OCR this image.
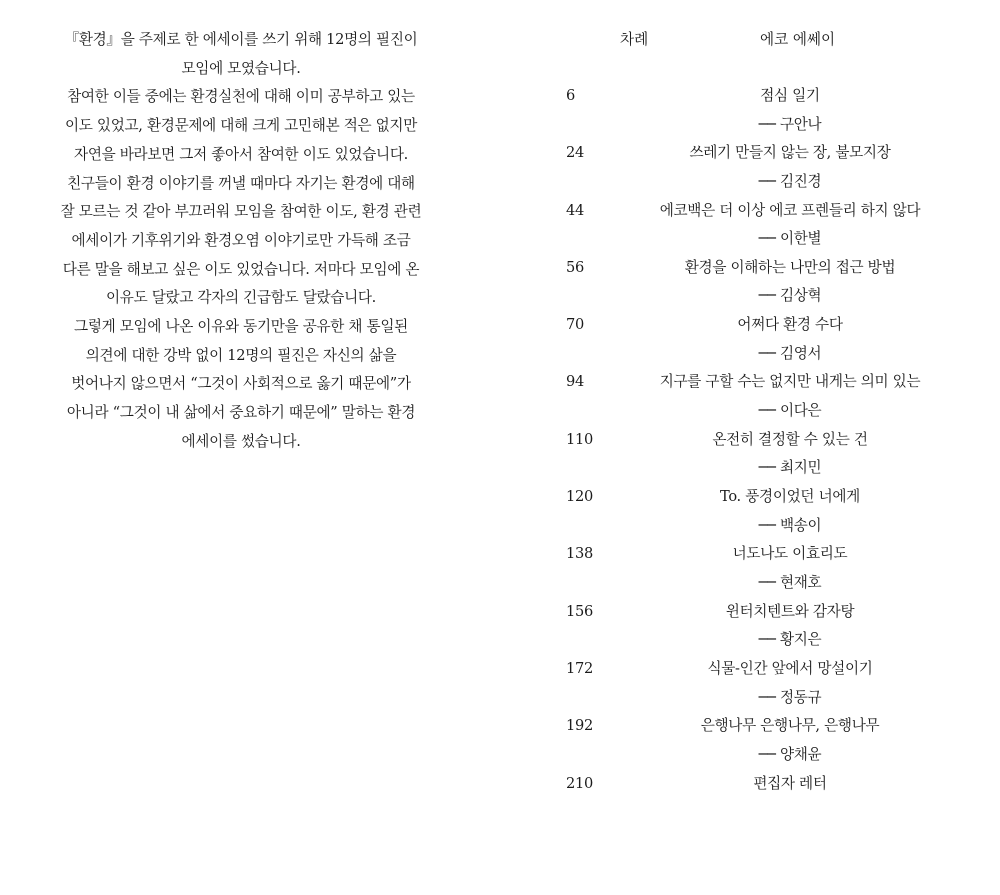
『환경』을 주제로 한 에세이를 쓰기 위해 12명의 필진이
모임에 모였습니다.
참여한 이들 중에는 환경실천에 대해 이미 공부하고 있는
이도 있었고, 환경문제에 대해 크게 고민해본 적은 없지만
자연을 바라보면 그저 좋아서 참여한 이도 있었습니다.
친구들이 환경 이야기를 꺼낼 때마다 자기는 환경에 대해
잘 모르는 것 같아 부끄러워 모임을 참여한 이도, 환경 관련
에세이가 기후위기와 환경오염 이야기로만 가득해 조금
다른 말을 해보고 싶은 이도 있었습니다. 저마다 모임에 온
이유도 달랐고 각자의 긴급함도 달랐습니다.
그렇게 모임에 나온 이유와 동기만을 공유한 채 통일된
의견에 대한 강박 없이 12명의 필진은 자신의 삶을
벗어나지 않으면서 “그것이 사회적으로 옳기 때문에”가
아니라 “그것이 내 삶에서 중요하기 때문에” 말하는 환경
에세이를 썼습니다.
차례	에코 에쎄이
6	점심 일기
── 구안나
24	쓰레기 만들지 않는 장, 불모지장
── 김진경
44	에코백은 더 이상 에코 프렌들리 하지 않다
── 이한별
56	환경을 이해하는 나만의 접근 방법
── 김상혁
70	어쩌다 환경 수다
── 김영서
94	지구를 구할 수는 없지만 내게는 의미 있는
── 이다은
110	온전히 결정할 수 있는 건
── 최지민
120	To. 풍경이었던 너에게
── 백송이
138	너도나도 이효리도
── 현재호
156	윈터치텐트와 감자탕
── 황지은
172	식물-인간 앞에서 망설이기
── 정동규
192	은행나무 은행나무, 은행나무
── 양채윤
210	편집자 레터
